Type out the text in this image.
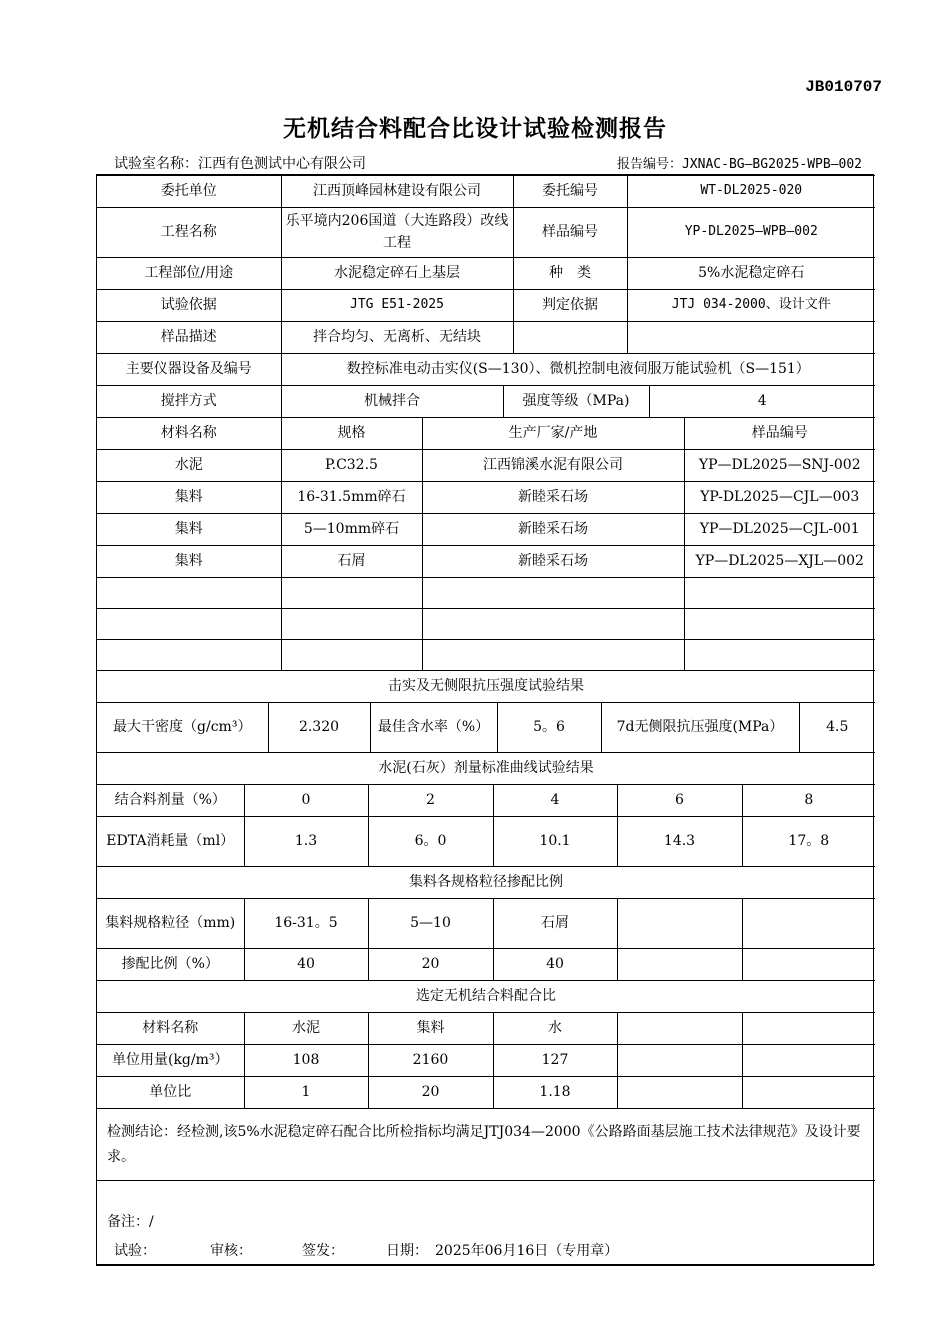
JB010707
无机结合料配合比设计试验检测报告
试验室名称：江西有色测试中心有限公司	报告编号：JXNAC-BG—BG2025-WPB—002
委托单位	江西顶峰园林建设有限公司	委托编号	WT-DL2025-020
工程名称	乐平境内206国道（大连路段）改线工程	样品编号	YP-DL2025—WPB—002
工程部位/用途	水泥稳定碎石上基层	种　类	5%水泥稳定碎石
试验依据	JTG E51-2025	判定依据	JTJ 034-2000、设计文件
样品描述	拌合均匀、无离析、无结块		
主要仪器设备及编号	数控标准电动击实仪(S—130）、微机控制电液伺服万能试验机（S—151）		
搅拌方式	机械拌合	强度等级（MPa)	4
材料名称	规格	生产厂家/产地	样品编号
水泥	P.C32.5	江西锦溪水泥有限公司	YP—DL2025—SNJ-002
集料	16-31.5mm碎石	新睦采石场	YP-DL2025—CJL—003
集料	5—10mm碎石	新睦采石场	YP—DL2025—CJL-001
集料	石屑	新睦采石场	YP—DL2025—XJL—002

击实及无侧限抗压强度试验结果
最大干密度（g/cm³）	2.320	最佳含水率（%）	5。6	7d无侧限抗压强度(MPa）	4.5
水泥(石灰）剂量标准曲线试验结果					
结合料剂量（%）	0	2	4	6	8
EDTA消耗量（ml）	1.3	6。0	10.1	14.3	17。8
集料各规格粒径掺配比例					
集料规格粒径（mm)	16-31。5	5—10	石屑		
掺配比例（%）	40	20	40		
选定无机结合料配合比					
材料名称	水泥	集料	水		
单位用量(kg/m³）	108	2160	127		
单位比	1	20	1.18		
检测结论：经检测,该5%水泥稳定碎石配合比所检指标均满足JTJ034—2000《公路路面基层施工技术法律规范》及设计要求。					
备注：/					
试验：	审核：	签发：	日期：　2025年06月16日（专用章）
